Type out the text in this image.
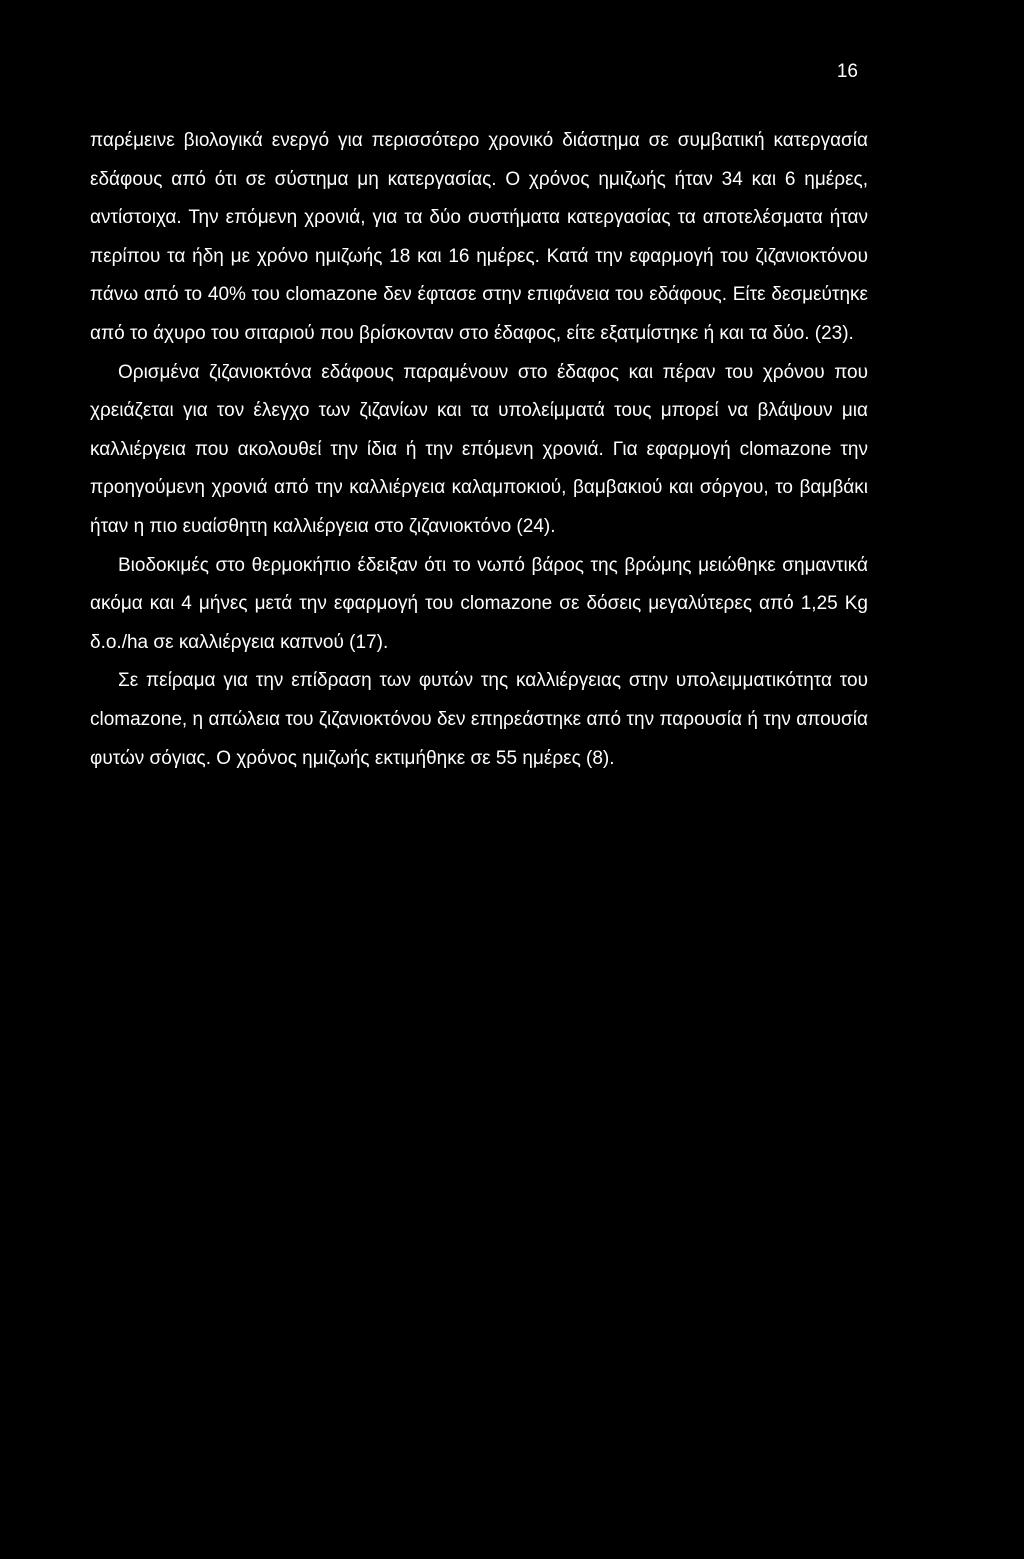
16

παρέμεινε βιολογικά ενεργό για περισσότερο χρονικό διάστημα σε συμβατική κατεργασία εδάφους από ότι σε σύστημα μη κατεργασίας. Ο χρόνος ημιζωής ήταν 34 και 6 ημέρες, αντίστοιχα. Την επόμενη χρονιά, για τα δύο συστήματα κατεργασίας τα αποτελέσματα ήταν περίπου τα ήδη με χρόνο ημιζωής 18 και 16 ημέρες. Κατά την εφαρμογή του ζιζανιοκτόνου πάνω από το 40% του clomazone δεν έφτασε στην επιφάνεια του εδάφους. Είτε δεσμεύτηκε από το άχυρο του σιταριού που βρίσκονταν στο έδαφος, είτε εξατμίστηκε ή και τα δύο. (23).

Ορισμένα ζιζανιοκτόνα εδάφους παραμένουν στο έδαφος και πέραν του χρόνου που χρειάζεται για τον έλεγχο των ζιζανίων και τα υπολείμματά τους μπορεί να βλάψουν μια καλλιέργεια που ακολουθεί την ίδια ή την επόμενη χρονιά. Για εφαρμογή clomazone την προηγούμενη χρονιά από την καλλιέργεια καλαμποκιού, βαμβακιού και σόργου, το βαμβάκι ήταν η πιο ευαίσθητη καλλιέργεια στο ζιζανιοκτόνο (24).

Βιοδοκιμές στο θερμοκήπιο έδειξαν ότι το νωπό βάρος της βρώμης μειώθηκε σημαντικά ακόμα και 4 μήνες μετά την εφαρμογή του clomazone σε δόσεις μεγαλύτερες από 1,25 Kg δ.ο./ha σε καλλιέργεια καπνού (17).

Σε πείραμα για την επίδραση των φυτών της καλλιέργειας στην υπολειμματικότητα του clomazone, η απώλεια του ζιζανιοκτόνου δεν επηρεάστηκε από την παρουσία ή την απουσία φυτών σόγιας. Ο χρόνος ημιζωής εκτιμήθηκε σε 55 ημέρες (8).
